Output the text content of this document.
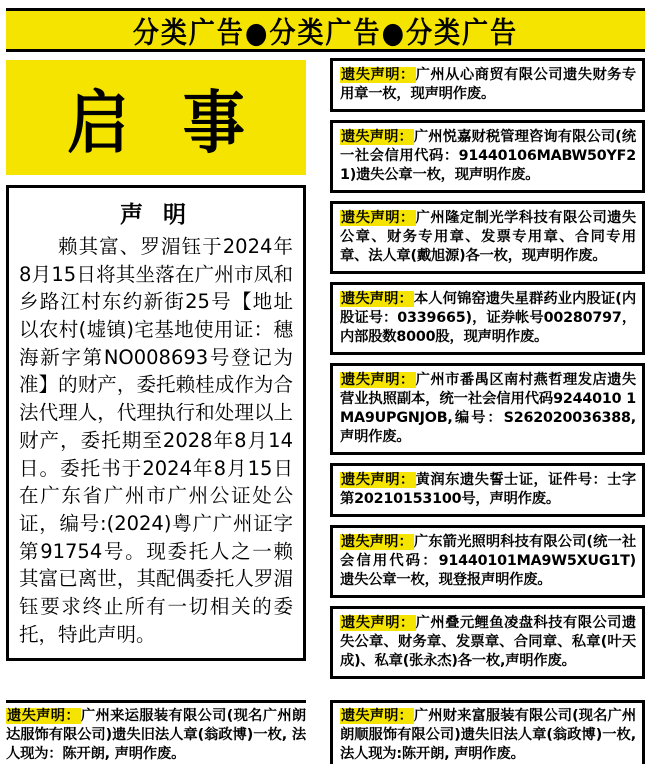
分类广告●分类广告●分类广告
启 事
声 明
赖其富、罗湄钰于2024年8月15日将其坐落在广州市凤和乡路江村东约新街25号【地址以农村(墟镇)宅基地使用证：穗海新字第NO008693号登记为准】的财产，委托赖桂成作为合法代理人，代理执行和处理以上财产，委托期至2028年8月14日。委托书于2024年8月15日在广东省广州市广州公证处公证，编号:(2024)粤广广州证字第91754号。现委托人之一赖其富已离世，其配偶委托人罗湄钰要求终止所有一切相关的委托，特此声明。
遗失声明：广州来运服装有限公司(现名广州朗达服饰有限公司)遗失旧法人章(翁政博)一枚, 法人现为：陈开朗, 声明作废。
遗失声明：广州从心商贸有限公司遗失财务专用章一枚，现声明作废。
遗失声明：广州悦嘉财税管理咨询有限公司(统一社会信用代码：91440106MABW50YF21)遗失公章一枚，现声明作废。
遗失声明：广州隆定制光学科技有限公司遗失公章、财务专用章、发票专用章、合同专用章、法人章(戴旭源)各一枚，现声明作废。
遗失声明：本人何锦窑遗失星群药业内股证(内股证号：0339665)，证券帐号00280797，内部股数8000股，现声明作废。
遗失声明：广州市番禺区南村燕哲理发店遗失营业执照副本，统一社会信用代码9244010 1MA9UPGNJOB,编号：S262020036388,声明作废。
遗失声明：黄润东遗失誓士证，证件号：士字第20210153100号，声明作废。
遗失声明：广东箭光照明科技有限公司(统一社会信用代码：91440101MA9W5XUG1T)遗失公章一枚，现登报声明作废。
遗失声明：广州叠元鲤鱼凌盘科技有限公司遗失公章、财务章、发票章、合同章、私章(叶天成)、私章(张永杰)各一枚,声明作废。
遗失声明：广州财来富服装有限公司(现名广州朗顺服饰有限公司)遗失旧法人章(翁政博)一枚, 法人现为:陈开朗, 声明作废。
